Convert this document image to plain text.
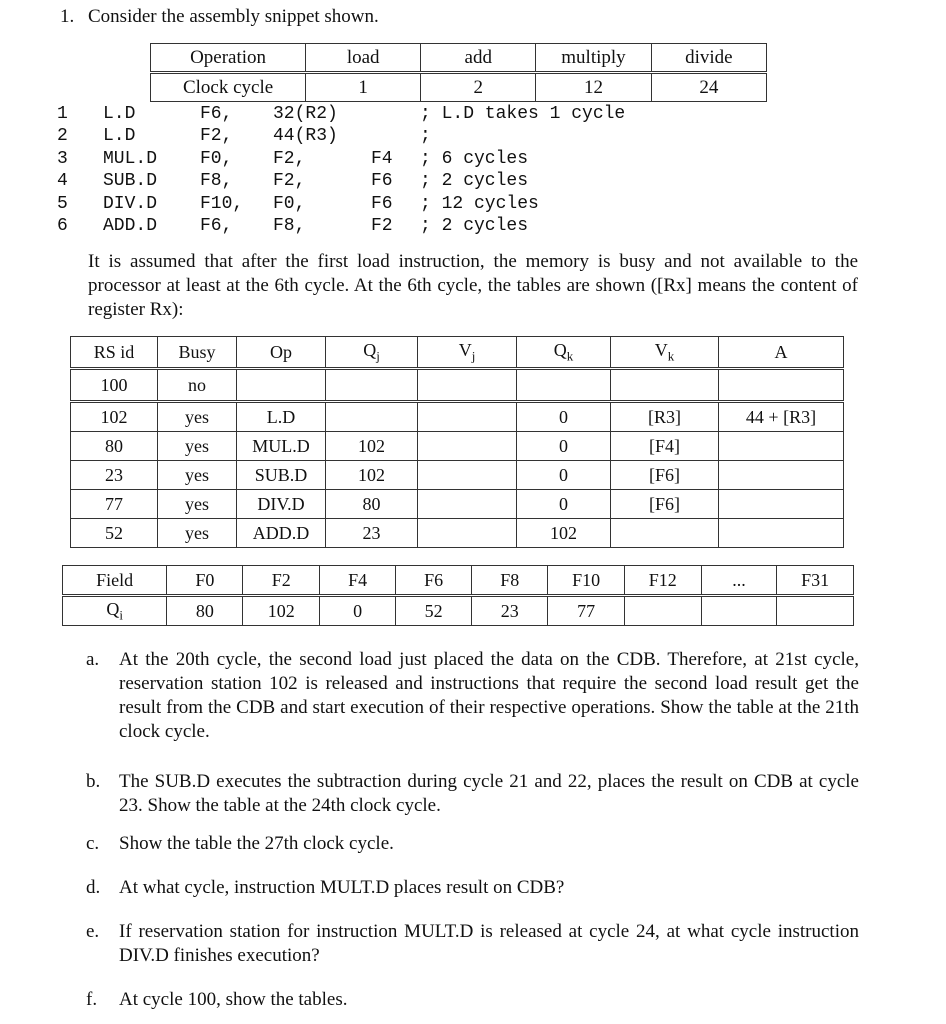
1. Consider the assembly snippet shown.
Operation	load	add	multiply	divide
Clock cycle	1	2	12	24
1 L.D	F6, 32(R2)	; L.D takes 1 cycle
2 L.D	F2, 44(R3)	;
3 MUL.D F0, F2,	F4 ; 6 cycles
4 SUB.D F8, F2,	F6 ; 2 cycles
5 DIV.D F10, F0,	F6 ; 12 cycles
6 ADD.D F6, F8,	F2 ; 2 cycles
It is assumed that after the first load instruction, the memory is busy and not available to the processor at least at the 6th cycle. At the 6th cycle, the tables are shown ([Rx] means the content of register Rx):
RS id	Busy	Op	$Q_j$	$V_j$	$Q_k$	$V_k$	A
100	no						
102	yes	L.D			0	[R3]	44 + [R3]
80	yes	MUL.D	102		0	[F4]	
23	yes	SUB.D	102		0	[F6]	
77	yes	DIV.D	80		0	[F6]	
52	yes	ADD.D	23		102		
Field	F0	F2	F4	F6	F8	F10	F12	...	F31
$Q_i$	80	102	0	52	23	77			
a.	At the 20th cycle, the second load just placed the data on the CDB. Therefore, at 21st cycle, reservation station 102 is released and instructions that require the second load result get the result from the CDB and start execution of their respective operations. Show the table at the 21th clock cycle.
b. The SUB.D executes the subtraction during cycle 21 and 22, places the result on CDB at cycle 23. Show the table at the 24th clock cycle.
c.	Show the table the 27th clock cycle.
d. At what cycle, instruction MULT.D places result on CDB?
e.	If reservation station for instruction MULT.D is released at cycle 24, at what cycle instruction DIV.D finishes execution?
f.	At cycle 100, show the tables.
